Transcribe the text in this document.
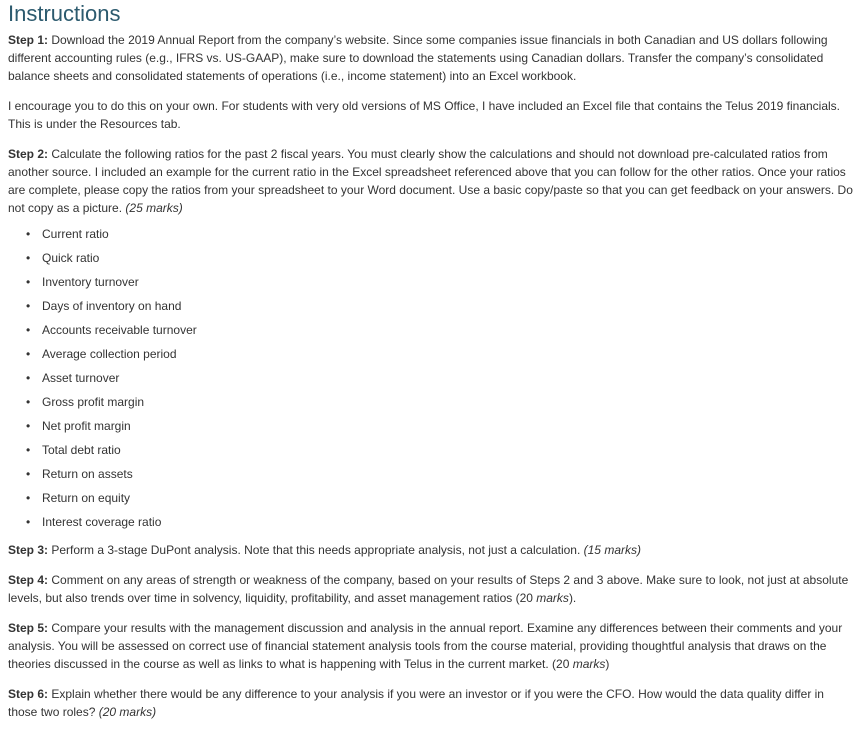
Instructions

Step 1: Download the 2019 Annual Report from the company’s website. Since some companies issue financials in both Canadian and US dollars following different accounting rules (e.g., IFRS vs. US-GAAP), make sure to download the statements using Canadian dollars. Transfer the company’s consolidated balance sheets and consolidated statements of operations (i.e., income statement) into an Excel workbook.

I encourage you to do this on your own. For students with very old versions of MS Office, I have included an Excel file that contains the Telus 2019 financials. This is under the Resources tab.

Step 2: Calculate the following ratios for the past 2 fiscal years. You must clearly show the calculations and should not download pre-calculated ratios from another source. I included an example for the current ratio in the Excel spreadsheet referenced above that you can follow for the other ratios. Once your ratios are complete, please copy the ratios from your spreadsheet to your Word document. Use a basic copy/paste so that you can get feedback on your answers. Do not copy as a picture. (25 marks)

• Current ratio
• Quick ratio
• Inventory turnover
• Days of inventory on hand
• Accounts receivable turnover
• Average collection period
• Asset turnover
• Gross profit margin
• Net profit margin
• Total debt ratio
• Return on assets
• Return on equity
• Interest coverage ratio

Step 3: Perform a 3-stage DuPont analysis. Note that this needs appropriate analysis, not just a calculation. (15 marks)

Step 4: Comment on any areas of strength or weakness of the company, based on your results of Steps 2 and 3 above. Make sure to look, not just at absolute levels, but also trends over time in solvency, liquidity, profitability, and asset management ratios (20 marks).

Step 5: Compare your results with the management discussion and analysis in the annual report. Examine any differences between their comments and your analysis. You will be assessed on correct use of financial statement analysis tools from the course material, providing thoughtful analysis that draws on the theories discussed in the course as well as links to what is happening with Telus in the current market. (20 marks)

Step 6: Explain whether there would be any difference to your analysis if you were an investor or if you were the CFO. How would the data quality differ in those two roles? (20 marks)
